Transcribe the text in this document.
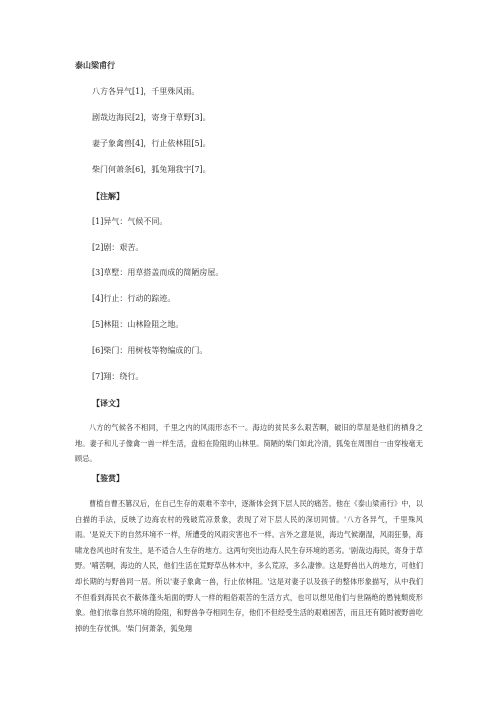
泰山梁甫行
八方各异气[1]，千里殊风雨。
剧哉边海民[2]，寄身于草野[3]。
妻子象禽兽[4]，行止依林阻[5]。
柴门何萧条[6]，狐兔翔我宇[7]。
【注解】
[1]异气：气候不同。
[2]剧：艰苦。
[3]草墅：用草搭盖而成的简陋房屋。
[4]行止：行动的踪迹。
[5]林阻：山林险阻之地。
[6]柴门：用树枝等物编成的门。
[7]翔：绕行。
【译文】

八方的气候各不相同，千里之内的风雨形态不一。海边的贫民多么艰苦啊，破旧的草屋是他们的栖身之地。妻子和儿子像禽一兽一样生活，盘桓在险阻的山林里。简陋的柴门如此冷清，狐兔在周围自一由穿梭毫无顾忌。

【鉴赏】

曹植自曹丕篡汉后，在自己生存的艰难不幸中，逐渐体会到下层人民的痛苦。他在《泰山梁甫行》中，以白描的手法，反映了边海农村的残破荒凉景象，表现了对下层人民的深切同情。'八方各异气，千里殊风雨。'是说天下的自然环境不一样，所遭受的风雨灾害也不一样。言外之意是说，海边气候潮湿，风雨狂暴，海啸龙卷风也时有发生，是不适合人生存的地方。这两句突出边海人民生存环境的恶劣。'剧哉边海民，寄身于草野。'哺苦啊，海边的人民，他们生活在荒野草丛林木中，多么荒凉，多么凄惨。这是野兽出入的地方，可他们却长期的与野兽同一居。所以'妻子象禽一兽，行止依林阻。'这是对妻子以及孩子的整体形象描写，从中我们不但看到海民衣不蔽体蓬头垢面的野人一样的粗俗艰苦的生活方式，也可以想见他们与世隔绝的愚钝颓废形象。他们依靠自然环境的险阻，和野兽争夺相同生存，他们不但经受生活的艰难困苦，而且还有随时被野兽吃掉的生存忧惧。'柴门何萧条，狐兔翔
